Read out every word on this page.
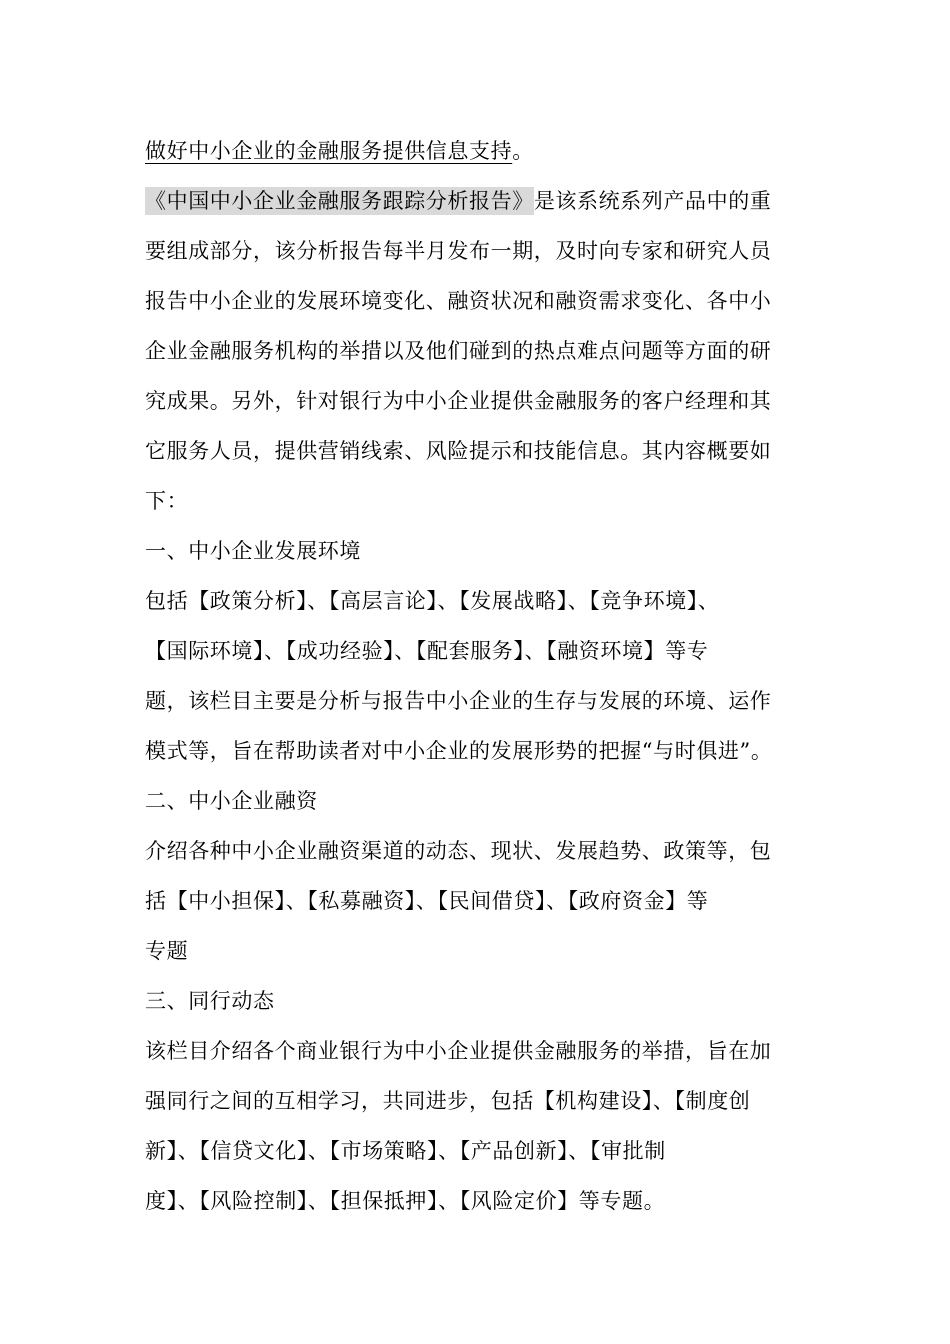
做好中小企业的金融服务提供信息支持。
《中国中小企业金融服务跟踪分析报告》是该系统系列产品中的重
要组成部分，该分析报告每半月发布一期，及时向专家和研究人员
报告中小企业的发展环境变化、融资状况和融资需求变化、各中小
企业金融服务机构的举措以及他们碰到的热点难点问题等方面的研
究成果。另外，针对银行为中小企业提供金融服务的客户经理和其
它服务人员，提供营销线索、风险提示和技能信息。其内容概要如
下：
一、中小企业发展环境
包括【政策分析】、【高层言论】、【发展战略】、【竞争环境】、
【国际环境】、【成功经验】、【配套服务】、【融资环境】等专
题，该栏目主要是分析与报告中小企业的生存与发展的环境、运作
模式等，旨在帮助读者对中小企业的发展形势的把握“与时俱进”。
二、中小企业融资
介绍各种中小企业融资渠道的动态、现状、发展趋势、政策等，包
括【中小担保】、【私募融资】、【民间借贷】、【政府资金】等
专题
三、同行动态
该栏目介绍各个商业银行为中小企业提供金融服务的举措，旨在加
强同行之间的互相学习，共同进步，包括【机构建设】、【制度创
新】、【信贷文化】、【市场策略】、【产品创新】、【审批制
度】、【风险控制】、【担保抵押】、【风险定价】等专题。
